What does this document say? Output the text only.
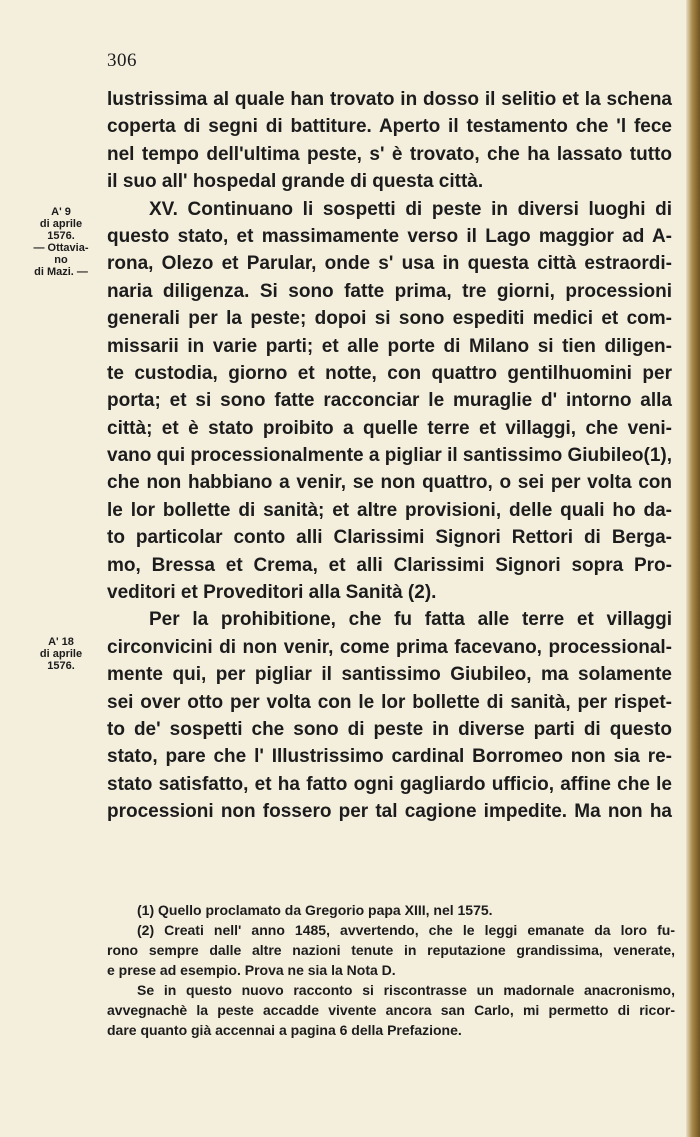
306
A' 9
di aprile
1576.
— Ottavia-
no
di Mazi. —
A' 18
di aprile
1576.
lustrissima al quale han trovato in dosso il selitio et la schena
coperta di segni di battiture. Aperto il testamento che 'l fece
nel tempo dell'ultima peste, s' è trovato, che ha lassato tutto
il suo all' hospedal grande di questa città.
XV. Continuano li sospetti di peste in diversi luoghi di
questo stato, et massimamente verso il Lago maggior ad A-
rona, Olezo et Parular, onde s' usa in questa città estraordi-
naria diligenza. Si sono fatte prima, tre giorni, processioni
generali per la peste; dopoi si sono espediti medici et com-
missarii in varie parti; et alle porte di Milano si tien diligen-
te custodia, giorno et notte, con quattro gentilhuomini per
porta; et si sono fatte racconciar le muraglie d' intorno alla
città; et è stato proibito a quelle terre et villaggi, che veni-
vano qui processionalmente a pigliar il santissimo Giubileo(1),
che non habbiano a venir, se non quattro, o sei per volta con
le lor bollette di sanità; et altre provisioni, delle quali ho da-
to particolar conto alli Clarissimi Signori Rettori di Berga-
mo, Bressa et Crema, et alli Clarissimi Signori sopra Pro-
veditori et Proveditori alla Sanità (2).
Per la prohibitione, che fu fatta alle terre et villaggi
circonvicini di non venir, come prima facevano, processional-
mente qui, per pigliar il santissimo Giubileo, ma solamente
sei over otto per volta con le lor bollette di sanità, per rispet-
to de' sospetti che sono di peste in diverse parti di questo
stato, pare che l' Illustrissimo cardinal Borromeo non sia re-
stato satisfatto, et ha fatto ogni gagliardo ufficio, affine che le
processioni non fossero per tal cagione impedite. Ma non ha
(1) Quello proclamato da Gregorio papa XIII, nel 1575.
(2) Creati nell' anno 1485, avvertendo, che le leggi emanate da loro fu-
rono sempre dalle altre nazioni tenute in reputazione grandissima, venerate,
e prese ad esempio. Prova ne sia la Nota D.
Se in questo nuovo racconto si riscontrasse un madornale anacronismo,
avvegnachè la peste accadde vivente ancora san Carlo, mi permetto di ricor-
dare quanto già accennai a pagina 6 della Prefazione.
